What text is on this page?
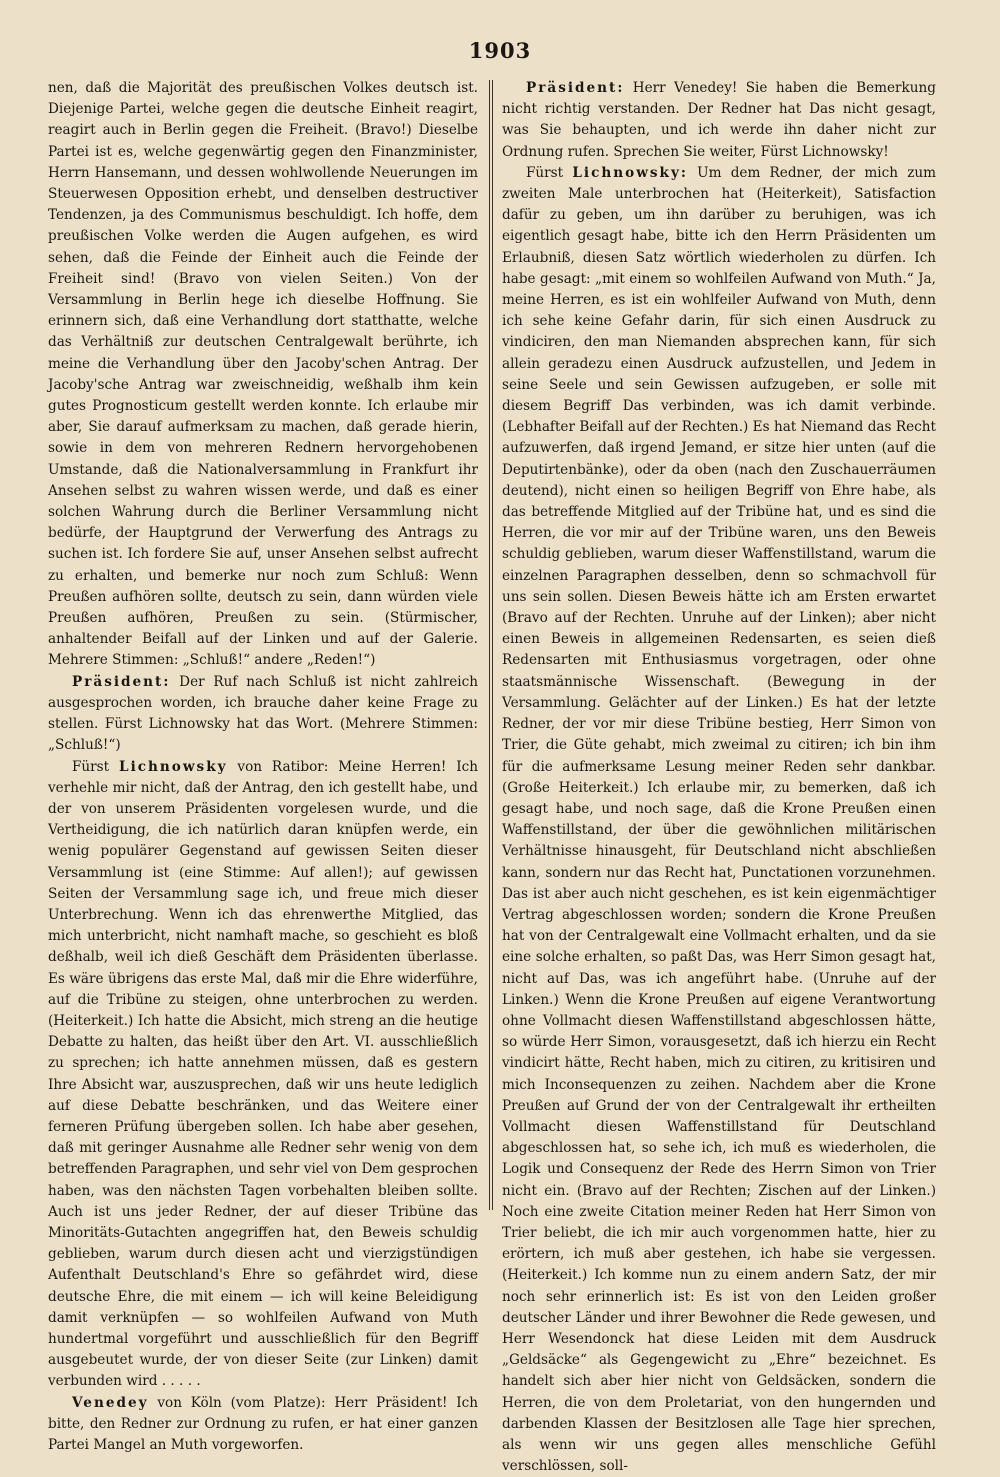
1903

nen, daß die Majorität des preußischen Volkes deutsch ist. Diejenige Partei, welche gegen die deutsche Einheit reagirt, reagirt auch in Berlin gegen die Freiheit. (Bravo!) Dieselbe Partei ist es, welche gegenwärtig gegen den Finanzminister, Herrn Hansemann, und dessen wohlwollende Neuerungen im Steuerwesen Opposition erhebt, und denselben destructiver Tendenzen, ja des Communismus beschuldigt. Ich hoffe, dem preußischen Volke werden die Augen aufgehen, es wird sehen, daß die Feinde der Einheit auch die Feinde der Freiheit sind! (Bravo von vielen Seiten.) Von der Versammlung in Berlin hege ich dieselbe Hoffnung. Sie erinnern sich, daß eine Verhandlung dort statthatte, welche das Verhältniß zur deutschen Centralgewalt berührte, ich meine die Verhandlung über den Jacoby'schen Antrag. Der Jacoby'sche Antrag war zweischneidig, weßhalb ihm kein gutes Prognosticum gestellt werden konnte. Ich erlaube mir aber, Sie darauf aufmerksam zu machen, daß gerade hierin, sowie in dem von mehreren Rednern hervorgehobenen Umstande, daß die Nationalversammlung in Frankfurt ihr Ansehen selbst zu wahren wissen werde, und daß es einer solchen Wahrung durch die Berliner Versammlung nicht bedürfe, der Hauptgrund der Verwerfung des Antrags zu suchen ist. Ich fordere Sie auf, unser Ansehen selbst aufrecht zu erhalten, und bemerke nur noch zum Schluß: Wenn Preußen aufhören sollte, deutsch zu sein, dann würden viele Preußen aufhören, Preußen zu sein. (Stürmischer, anhaltender Beifall auf der Linken und auf der Galerie. Mehrere Stimmen: „Schluß!“ andere „Reden!“)

Präsident: Der Ruf nach Schluß ist nicht zahlreich ausgesprochen worden, ich brauche daher keine Frage zu stellen. Fürst Lichnowsky hat das Wort. (Mehrere Stimmen: „Schluß!“)

Fürst Lichnowsky von Ratibor: Meine Herren! Ich verhehle mir nicht, daß der Antrag, den ich gestellt habe, und der von unserem Präsidenten vorgelesen wurde, und die Vertheidigung, die ich natürlich daran knüpfen werde, ein wenig populärer Gegenstand auf gewissen Seiten dieser Versammlung ist (eine Stimme: Auf allen!); auf gewissen Seiten der Versammlung sage ich, und freue mich dieser Unterbrechung. Wenn ich das ehrenwerthe Mitglied, das mich unterbricht, nicht namhaft mache, so geschieht es bloß deßhalb, weil ich dieß Geschäft dem Präsidenten überlasse. Es wäre übrigens das erste Mal, daß mir die Ehre widerführe, auf die Tribüne zu steigen, ohne unterbrochen zu werden. (Heiterkeit.) Ich hatte die Absicht, mich streng an die heutige Debatte zu halten, das heißt über den Art. VI. ausschließlich zu sprechen; ich hatte annehmen müssen, daß es gestern Ihre Absicht war, auszusprechen, daß wir uns heute lediglich auf diese Debatte beschränken, und das Weitere einer ferneren Prüfung übergeben sollen. Ich habe aber gesehen, daß mit geringer Ausnahme alle Redner sehr wenig von dem betreffenden Paragraphen, und sehr viel von Dem gesprochen haben, was den nächsten Tagen vorbehalten bleiben sollte. Auch ist uns jeder Redner, der auf dieser Tribüne das Minoritäts-Gutachten angegriffen hat, den Beweis schuldig geblieben, warum durch diesen acht und vierzigstündigen Aufenthalt Deutschland's Ehre so gefährdet wird, diese deutsche Ehre, die mit einem — ich will keine Beleidigung damit verknüpfen — so wohlfeilen Aufwand von Muth hundertmal vorgeführt und ausschließlich für den Begriff ausgebeutet wurde, der von dieser Seite (zur Linken) damit verbunden wird . . . . .

Venedey von Köln (vom Platze): Herr Präsident! Ich bitte, den Redner zur Ordnung zu rufen, er hat einer ganzen Partei Mangel an Muth vorgeworfen.

Präsident: Herr Venedey! Sie haben die Bemerkung nicht richtig verstanden. Der Redner hat Das nicht gesagt, was Sie behaupten, und ich werde ihn daher nicht zur Ordnung rufen. Sprechen Sie weiter, Fürst Lichnowsky!

Fürst Lichnowsky: Um dem Redner, der mich zum zweiten Male unterbrochen hat (Heiterkeit), Satisfaction dafür zu geben, um ihn darüber zu beruhigen, was ich eigentlich gesagt habe, bitte ich den Herrn Präsidenten um Erlaubniß, diesen Satz wörtlich wiederholen zu dürfen. Ich habe gesagt: „mit einem so wohlfeilen Aufwand von Muth.“ Ja, meine Herren, es ist ein wohlfeiler Aufwand von Muth, denn ich sehe keine Gefahr darin, für sich einen Ausdruck zu vindiciren, den man Niemanden absprechen kann, für sich allein geradezu einen Ausdruck aufzustellen, und Jedem in seine Seele und sein Gewissen aufzugeben, er solle mit diesem Begriff Das verbinden, was ich damit verbinde. (Lebhafter Beifall auf der Rechten.) Es hat Niemand das Recht aufzuwerfen, daß irgend Jemand, er sitze hier unten (auf die Deputirtenbänke), oder da oben (nach den Zuschauerräumen deutend), nicht einen so heiligen Begriff von Ehre habe, als das betreffende Mitglied auf der Tribüne hat, und es sind die Herren, die vor mir auf der Tribüne waren, uns den Beweis schuldig geblieben, warum dieser Waffenstillstand, warum die einzelnen Paragraphen desselben, denn so schmachvoll für uns sein sollen. Diesen Beweis hätte ich am Ersten erwartet (Bravo auf der Rechten. Unruhe auf der Linken); aber nicht einen Beweis in allgemeinen Redensarten, es seien dieß Redensarten mit Enthusiasmus vorgetragen, oder ohne staatsmännische Wissenschaft. (Bewegung in der Versammlung. Gelächter auf der Linken.) Es hat der letzte Redner, der vor mir diese Tribüne bestieg, Herr Simon von Trier, die Güte gehabt, mich zweimal zu citiren; ich bin ihm für die aufmerksame Lesung meiner Reden sehr dankbar. (Große Heiterkeit.) Ich erlaube mir, zu bemerken, daß ich gesagt habe, und noch sage, daß die Krone Preußen einen Waffenstillstand, der über die gewöhnlichen militärischen Verhältnisse hinausgeht, für Deutschland nicht abschließen kann, sondern nur das Recht hat, Punctationen vorzunehmen. Das ist aber auch nicht geschehen, es ist kein eigenmächtiger Vertrag abgeschlossen worden; sondern die Krone Preußen hat von der Centralgewalt eine Vollmacht erhalten, und da sie eine solche erhalten, so paßt Das, was Herr Simon gesagt hat, nicht auf Das, was ich angeführt habe. (Unruhe auf der Linken.) Wenn die Krone Preußen auf eigene Verantwortung ohne Vollmacht diesen Waffenstillstand abgeschlossen hätte, so würde Herr Simon, vorausgesetzt, daß ich hierzu ein Recht vindicirt hätte, Recht haben, mich zu citiren, zu kritisiren und mich Inconsequenzen zu zeihen. Nachdem aber die Krone Preußen auf Grund der von der Centralgewalt ihr ertheilten Vollmacht diesen Waffenstillstand für Deutschland abgeschlossen hat, so sehe ich, ich muß es wiederholen, die Logik und Consequenz der Rede des Herrn Simon von Trier nicht ein. (Bravo auf der Rechten; Zischen auf der Linken.) Noch eine zweite Citation meiner Reden hat Herr Simon von Trier beliebt, die ich mir auch vorgenommen hatte, hier zu erörtern, ich muß aber gestehen, ich habe sie vergessen. (Heiterkeit.) Ich komme nun zu einem andern Satz, der mir noch sehr erinnerlich ist: Es ist von den Leiden großer deutscher Länder und ihrer Bewohner die Rede gewesen, und Herr Wesendonck hat diese Leiden mit dem Ausdruck „Geldsäcke“ als Gegengewicht zu „Ehre“ bezeichnet. Es handelt sich aber hier nicht von Geldsäcken, sondern die Herren, die von dem Proletariat, von den hungernden und darbenden Klassen der Besitzlosen alle Tage hier sprechen, als wenn wir uns gegen alles menschliche Gefühl verschlössen, soll-
